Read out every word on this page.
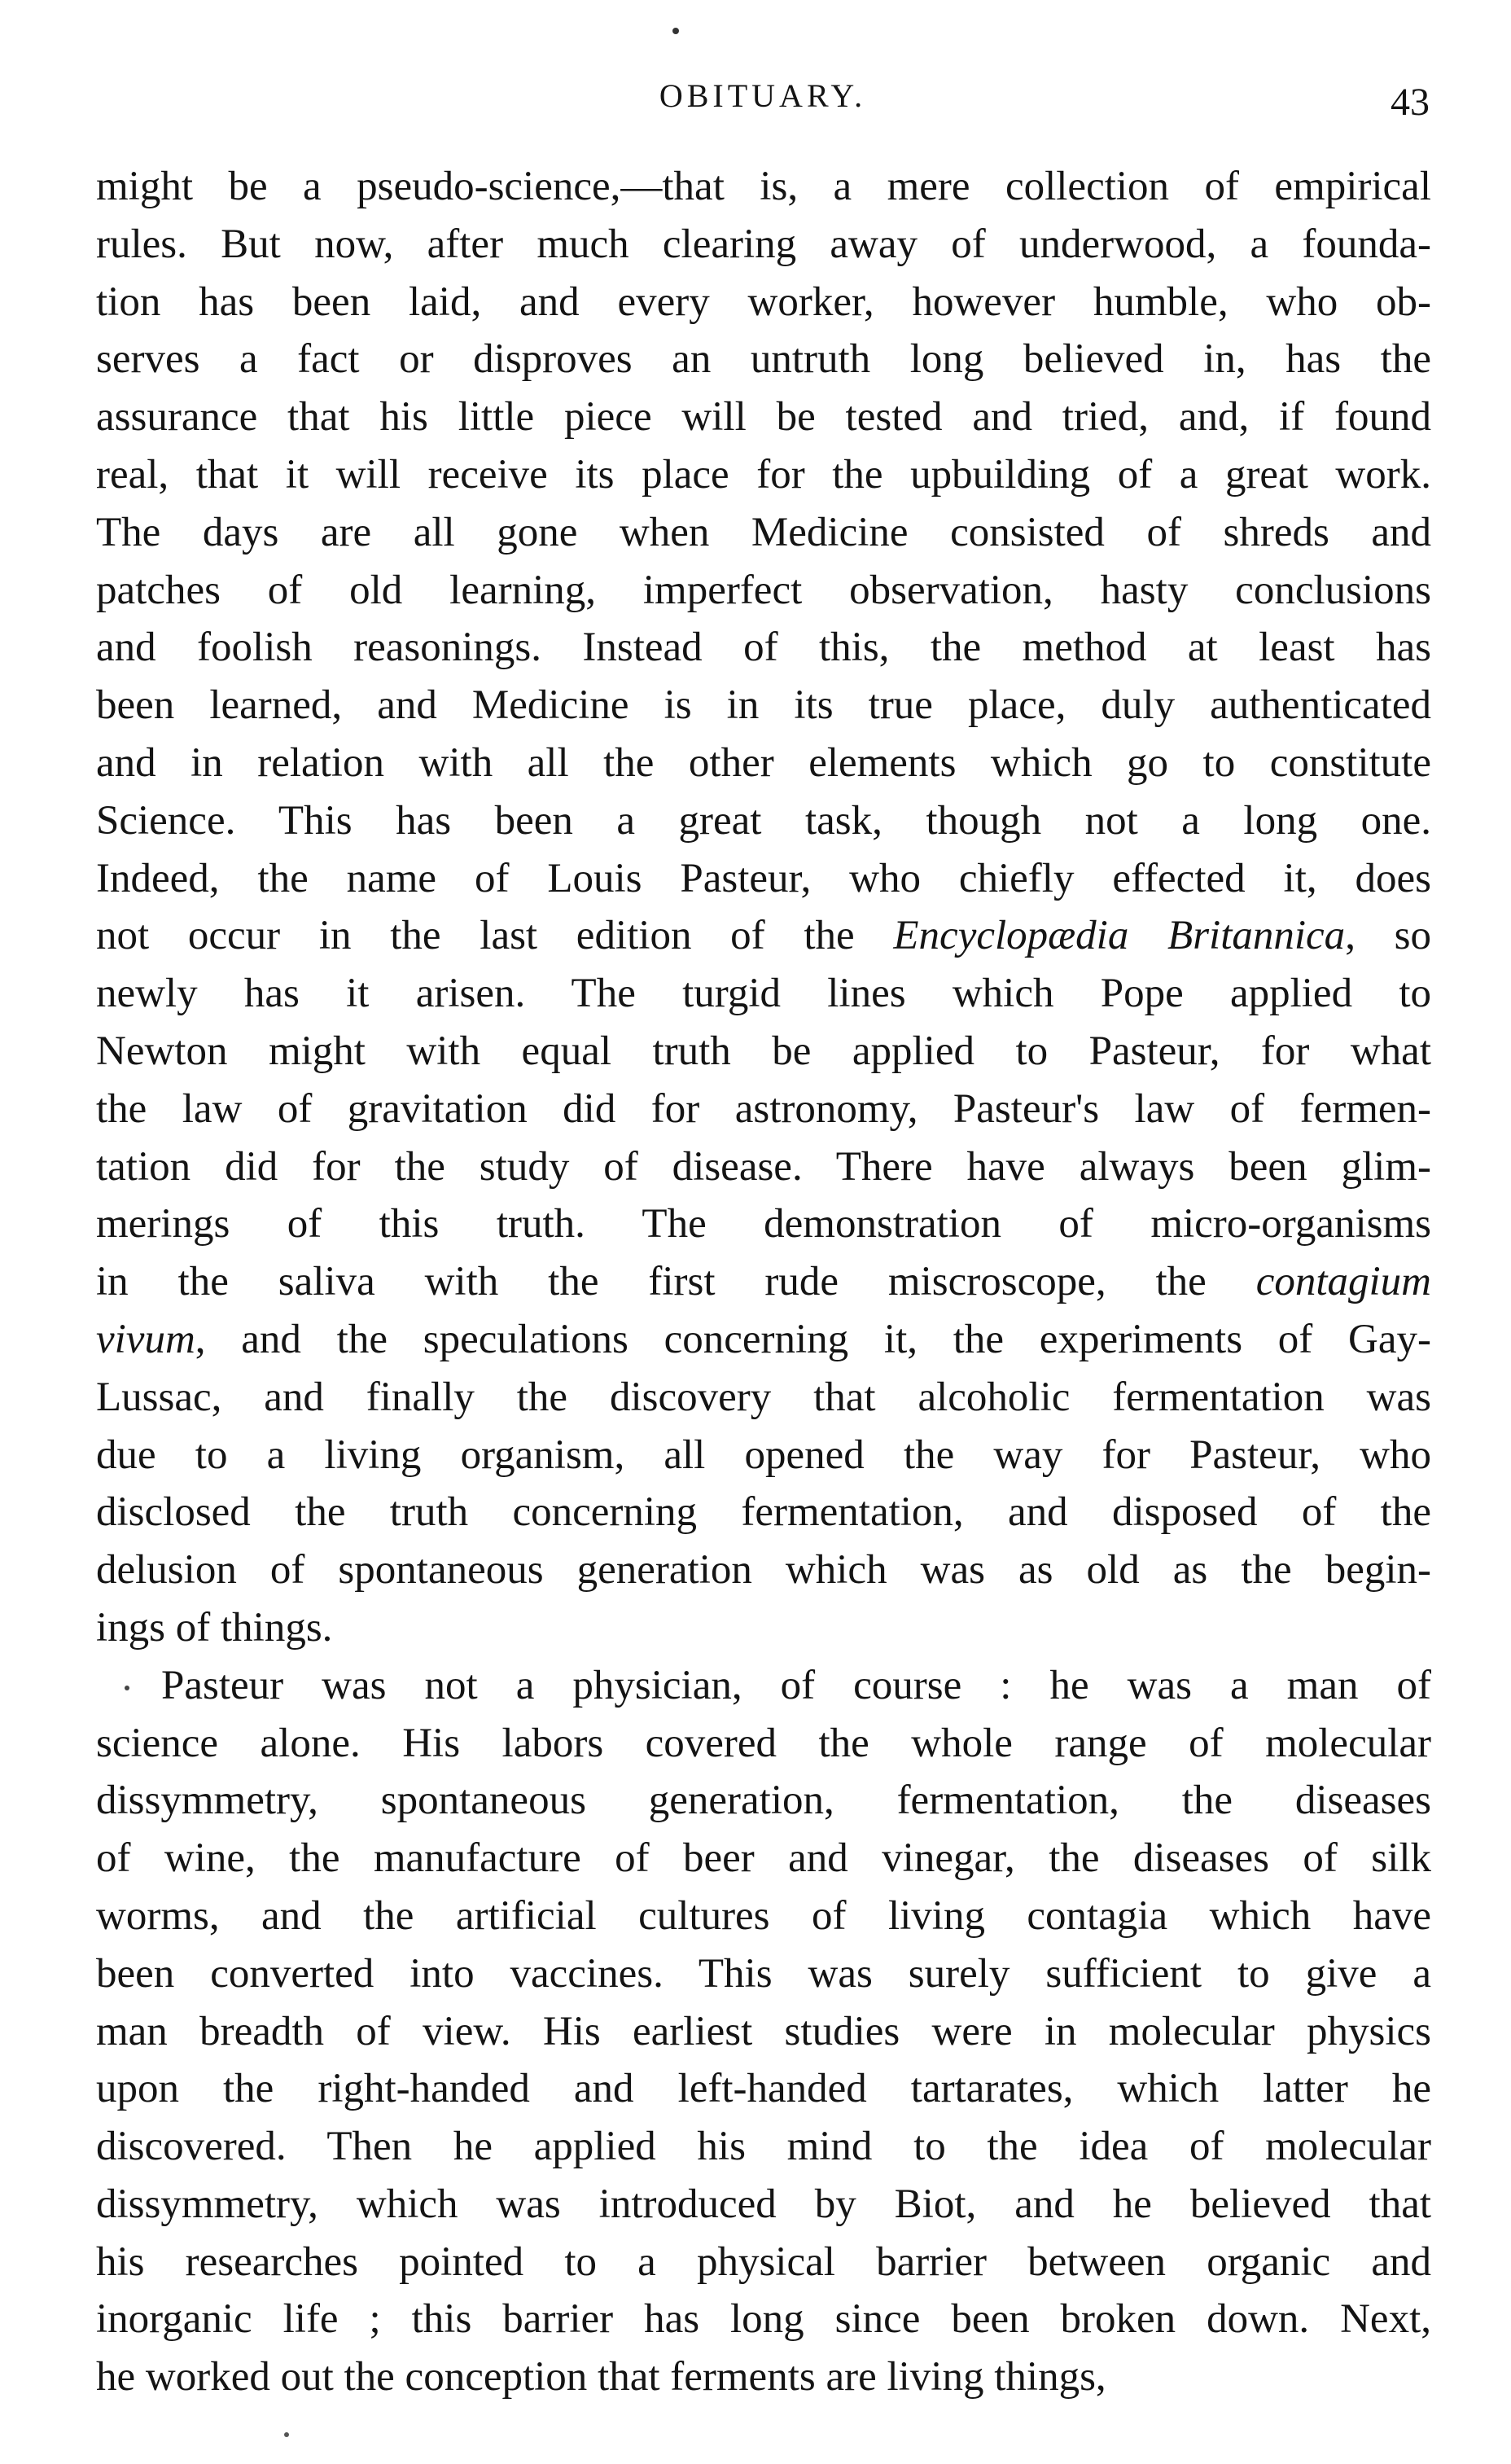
OBITUARY.	43
might be a pseudo-science,—that is, a mere collection of empirical
rules. But now, after much clearing away of underwood, a founda-
tion has been laid, and every worker, however humble, who ob-
serves a fact or disproves an untruth long believed in, has the
assurance that his little piece will be tested and tried, and, if found
real, that it will receive its place for the upbuilding of a great work.
The days are all gone when Medicine consisted of shreds and
patches of old learning, imperfect observation, hasty conclusions
and foolish reasonings. Instead of this, the method at least has
been learned, and Medicine is in its true place, duly authenticated
and in relation with all the other elements which go to constitute
Science. This has been a great task, though not a long one.
Indeed, the name of Louis Pasteur, who chiefly effected it, does
not occur in the last edition of the Encyclopædia Britannica, so
newly has it arisen. The turgid lines which Pope applied to
Newton might with equal truth be applied to Pasteur, for what
the law of gravitation did for astronomy, Pasteur's law of fermen-
tation did for the study of disease. There have always been glim-
merings of this truth. The demonstration of micro-organisms
in the saliva with the first rude miscroscope, the contagium
vivum, and the speculations concerning it, the experiments of Gay-
Lussac, and finally the discovery that alcoholic fermentation was
due to a living organism, all opened the way for Pasteur, who
disclosed the truth concerning fermentation, and disposed of the
delusion of spontaneous generation which was as old as the begin-
ings of things.
Pasteur was not a physician, of course : he was a man of
science alone. His labors covered the whole range of molecular
dissymmetry, spontaneous generation, fermentation, the diseases
of wine, the manufacture of beer and vinegar, the diseases of silk
worms, and the artificial cultures of living contagia which have
been converted into vaccines. This was surely sufficient to give a
man breadth of view. His earliest studies were in molecular physics
upon the right-handed and left-handed tartarates, which latter he
discovered. Then he applied his mind to the idea of molecular
dissymmetry, which was introduced by Biot, and he believed that
his researches pointed to a physical barrier between organic and
inorganic life ; this barrier has long since been broken down. Next,
he worked out the conception that ferments are living things,
